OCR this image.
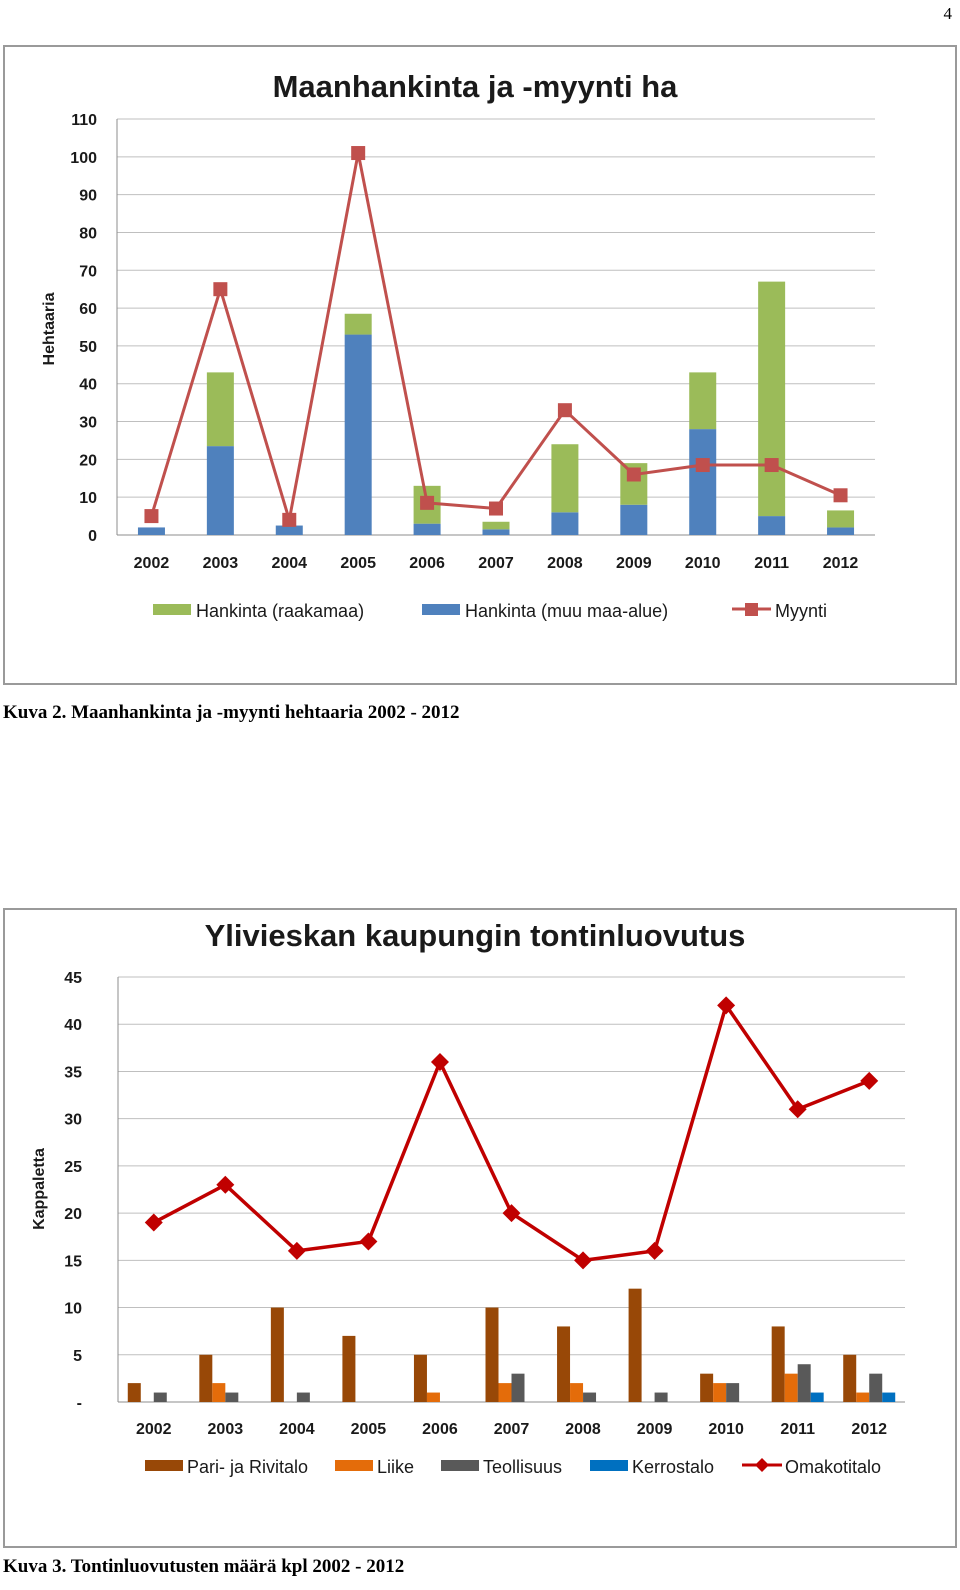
4
Maanhankinta ja -myynti ha
Hehtaaria
0
10
20
30
40
50
60
70
80
90
100
110
2002 2003 2004 2005 2006 2007 2008 2009 2010 2011 2012
Hankinta (raakamaa)	Hankinta (muu maa-alue)	Myynti
Kuva 2. Maanhankinta ja -myynti hehtaaria 2002 - 2012
Ylivieskan kaupungin tontinluovutus
Kappaletta
-
5
10
15
20
25
30
35
40
45
2002 2003 2004 2005 2006 2007 2008 2009 2010 2011 2012
Pari- ja Rivitalo	Liike	Teollisuus	Kerrostalo	Omakotitalo
Kuva 3. Tontinluovutusten määrä kpl 2002 - 2012
